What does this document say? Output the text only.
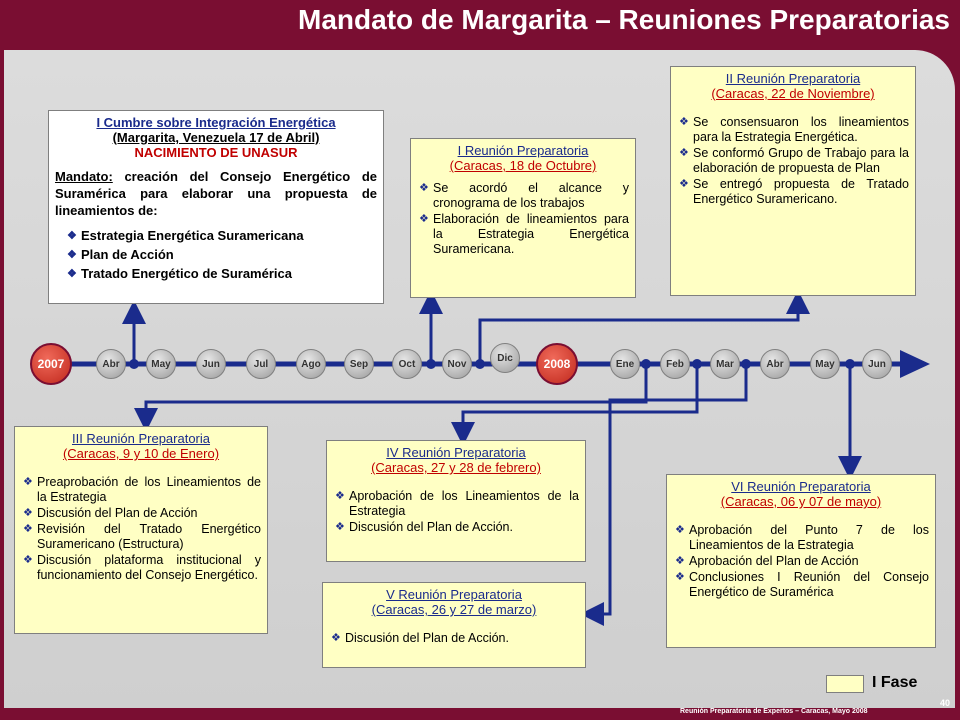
Mandato de Margarita – Reuniones Preparatorias
2007	2008
Abr	May	Jun	Jul	Ago	Sep	Oct	Nov
Dic
Ene	Feb	Mar	Abr	May	Jun
I Cumbre sobre Integración Energética
(Margarita, Venezuela 17 de Abril)
NACIMIENTO DE UNASUR
Mandato: creación del Consejo Energético de Suramérica para elaborar una propuesta de lineamientos de:
❖ Estrategia Energética Suramericana
❖ Plan de Acción
❖ Tratado Energético de Suramérica
I Reunión Preparatoria
(Caracas, 18 de Octubre)
❖ Se acordó el alcance y cronograma de los trabajos
❖ Elaboración de lineamientos para la Estrategia Energética Suramericana.
II Reunión Preparatoria
(Caracas, 22 de Noviembre)
❖ Se consensuaron los lineamientos para la Estrategia Energética.
❖ Se conformó Grupo de Trabajo para la elaboración de propuesta de Plan
❖ Se entregó propuesta de Tratado Energético Suramericano.
III Reunión Preparatoria
(Caracas, 9 y 10 de Enero)
❖ Preaprobación de los Lineamientos de la Estrategia
❖ Discusión del Plan de Acción
❖ Revisión del Tratado Energético Suramericano (Estructura)
❖ Discusión plataforma institucional y funcionamiento del Consejo Energético.
IV Reunión Preparatoria
(Caracas, 27 y 28 de febrero)
❖ Aprobación de los Lineamientos de la Estrategia
❖ Discusión del Plan de Acción.
V Reunión Preparatoria
(Caracas, 26 y 27 de marzo)
❖ Discusión del Plan de Acción.
VI Reunión Preparatoria
(Caracas, 06 y 07 de mayo)
❖ Aprobación del Punto 7 de los Lineamientos de la Estrategia
❖ Aprobación del Plan de Acción
❖ Conclusiones I Reunión del Consejo Energético de Suramérica
I Fase
Reunión Preparatoria de Expertos – Caracas, Mayo 2008
40
